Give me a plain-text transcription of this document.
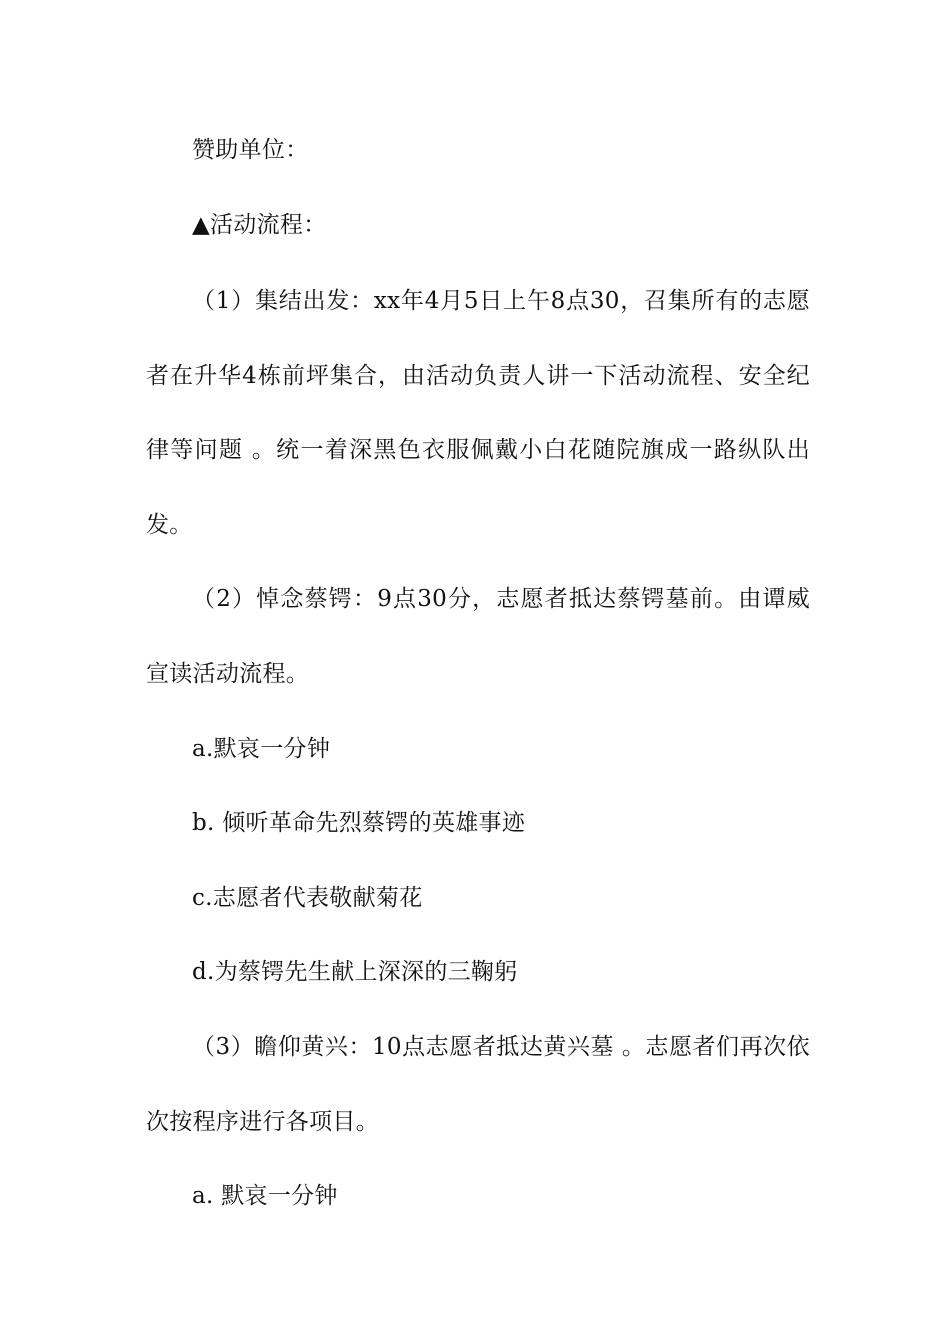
赞助单位：

▲活动流程：

（1）集结出发：xx年4月5日上午8点30，召集所有的志愿者在升华4栋前坪集合，由活动负责人讲一下活动流程、安全纪律等问题 。统一着深黑色衣服佩戴小白花随院旗成一路纵队出发。

（2）悼念蔡锷：9点30分，志愿者抵达蔡锷墓前。由谭威宣读活动流程。

a.默哀一分钟

b. 倾听革命先烈蔡锷的英雄事迹

c.志愿者代表敬献菊花

d.为蔡锷先生献上深深的三鞠躬

（3）瞻仰黄兴：10点志愿者抵达黄兴墓 。志愿者们再次依次按程序进行各项目。

a. 默哀一分钟
